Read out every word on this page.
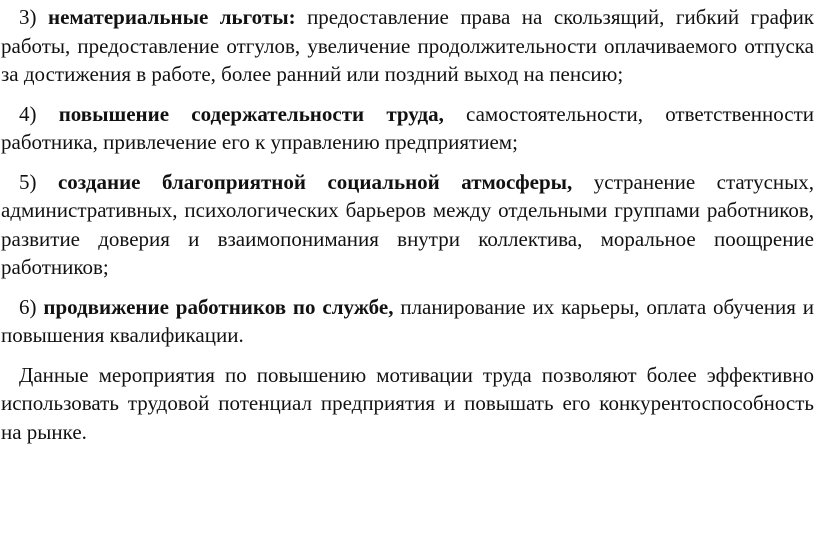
3) нематериальные льготы: предоставление права на скользящий, гибкий график работы, предоставление отгулов, увеличение продолжительности оплачиваемого отпуска за достижения в работе, более ранний или поздний выход на пенсию;

4) повышение содержательности труда, самостоятельности, ответственности работника, привлечение его к управлению предприятием;

5) создание благоприятной социальной атмосферы, устранение статусных, административных, психологических барьеров между отдельными группами работников, развитие доверия и взаимопонимания внутри коллектива, моральное поощрение работников;

6) продвижение работников по службе, планирование их карьеры, оплата обучения и повышения квалификации.

Данные мероприятия по повышению мотивации труда позволяют более эффективно использовать трудовой потенциал предприятия и повышать его конкурентоспособность на рынке.
